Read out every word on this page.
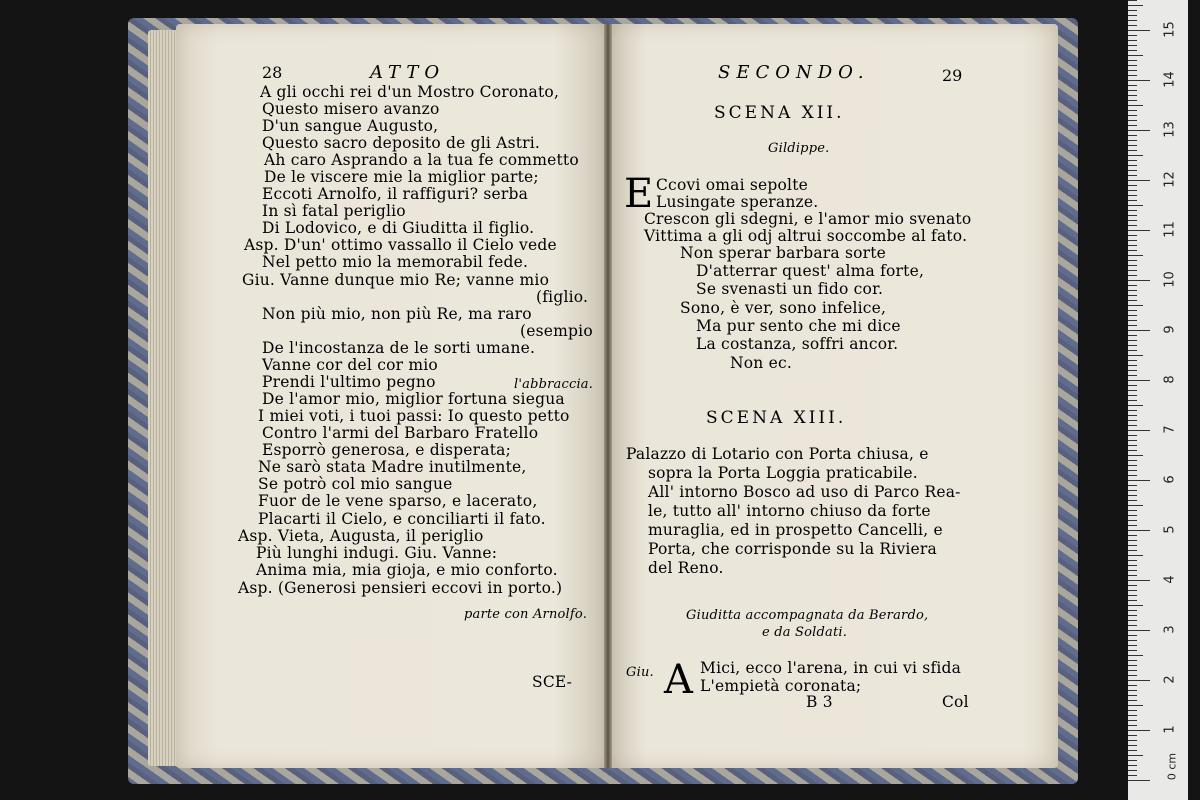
28	ATTO
A gli occhi rei d'un Mostro Coronato,
Questo misero avanzo
D'un sangue Augusto,
Questo sacro deposito de gli Astri.
Ah caro Asprando a la tua fe commetto
De le viscere mie la miglior parte;
Eccoti Arnolfo, il raffiguri? serba
In sì fatal periglio
Di Lodovico, e di Giuditta il figlio.
Asp. D'un' ottimo vassallo il Cielo vede
Nel petto mio la memorabil fede.
Giu. Vanne dunque mio Re; vanne mio
(figlio.
Non più mio, non più Re, ma raro
(esempio
De l'incostanza de le sorti umane.
Vanne cor del cor mio
Prendi l'ultimo pegno	l'abbraccia.
De l'amor mio, miglior fortuna siegua
I miei voti, i tuoi passi: Io questo petto
Contro l'armi del Barbaro Fratello
Esporrò generosa, e disperata;
Ne sarò stata Madre inutilmente,
Se potrò col mio sangue
Fuor de le vene sparso, e lacerato,
Placarti il Cielo, e conciliarti il fato.
Asp. Vieta, Augusta, il periglio
Più lunghi indugi. Giu. Vanne:
Anima mia, mia gioja, e mio conforto.
Asp. (Generosi pensieri eccovi in porto.)
parte con Arnolfo.
SCE-
SECONDO.	29
SCENA XII.
Gildippe.
E Ccovi omai sepolte
Lusingate speranze.
Crescon gli sdegni, e l'amor mio svenato
Vittima a gli odj altrui soccombe al fato.
Non sperar barbara sorte
D'atterrar quest' alma forte,
Se svenasti un fido cor.
Sono, è ver, sono infelice,
Ma pur sento che mi dice
La costanza, soffri ancor.
Non ec.
SCENA XIII.
Palazzo di Lotario con Porta chiusa, e
sopra la Porta Loggia praticabile.
All' intorno Bosco ad uso di Parco Rea-
le, tutto all' intorno chiuso da forte
muraglia, ed in prospetto Cancelli, e
Porta, che corrisponde su la Riviera
del Reno.
Giuditta accompagnata da Berardo,
e da Soldati.
Giu. A Mici, ecco l'arena, in cui vi sfida
L'empietà coronata;
B 3	Col
0 cm
1
2
3
4
5
6
7
8
9
10
11
12
13
14
15
